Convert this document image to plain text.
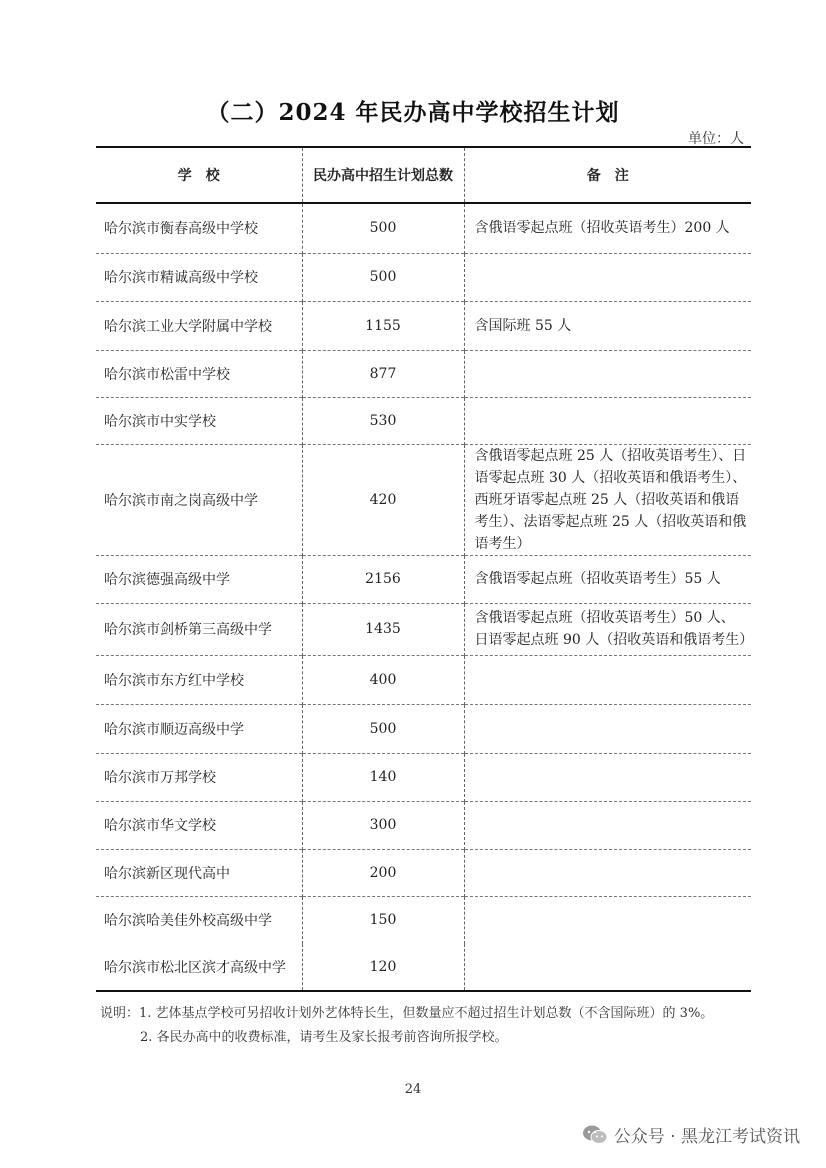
（二）2024 年民办高中学校招生计划
单位：人
学　校	民办高中招生计划总数	备　注
哈尔滨市衡春高级中学校	500	含俄语零起点班（招收英语考生）200 人
哈尔滨市精诚高级中学校	500	
哈尔滨工业大学附属中学校	1155	含国际班 55 人
哈尔滨市松雷中学校	877	
哈尔滨市中实学校	530	
哈尔滨市南之岗高级中学	420	含俄语零起点班 25 人（招收英语考生）、日语零起点班 30 人（招收英语和俄语考生）、西班牙语零起点班 25 人（招收英语和俄语考生）、法语零起点班 25 人（招收英语和俄语考生）
哈尔滨德强高级中学	2156	含俄语零起点班（招收英语考生）55 人
哈尔滨市剑桥第三高级中学	1435	含俄语零起点班（招收英语考生）50 人、日语零起点班 90 人（招收英语和俄语考生）
哈尔滨市东方红中学校	400	
哈尔滨市顺迈高级中学	500	
哈尔滨市万邦学校	140	
哈尔滨市华文学校	300	
哈尔滨新区现代高中	200	
哈尔滨哈美佳外校高级中学	150	
哈尔滨市松北区滨才高级中学	120	
说明：1. 艺体基点学校可另招收计划外艺体特长生，但数量应不超过招生计划总数（不含国际班）的 3%。
2. 各民办高中的收费标准，请考生及家长报考前咨询所报学校。
24
公众号 · 黑龙江考试资讯
